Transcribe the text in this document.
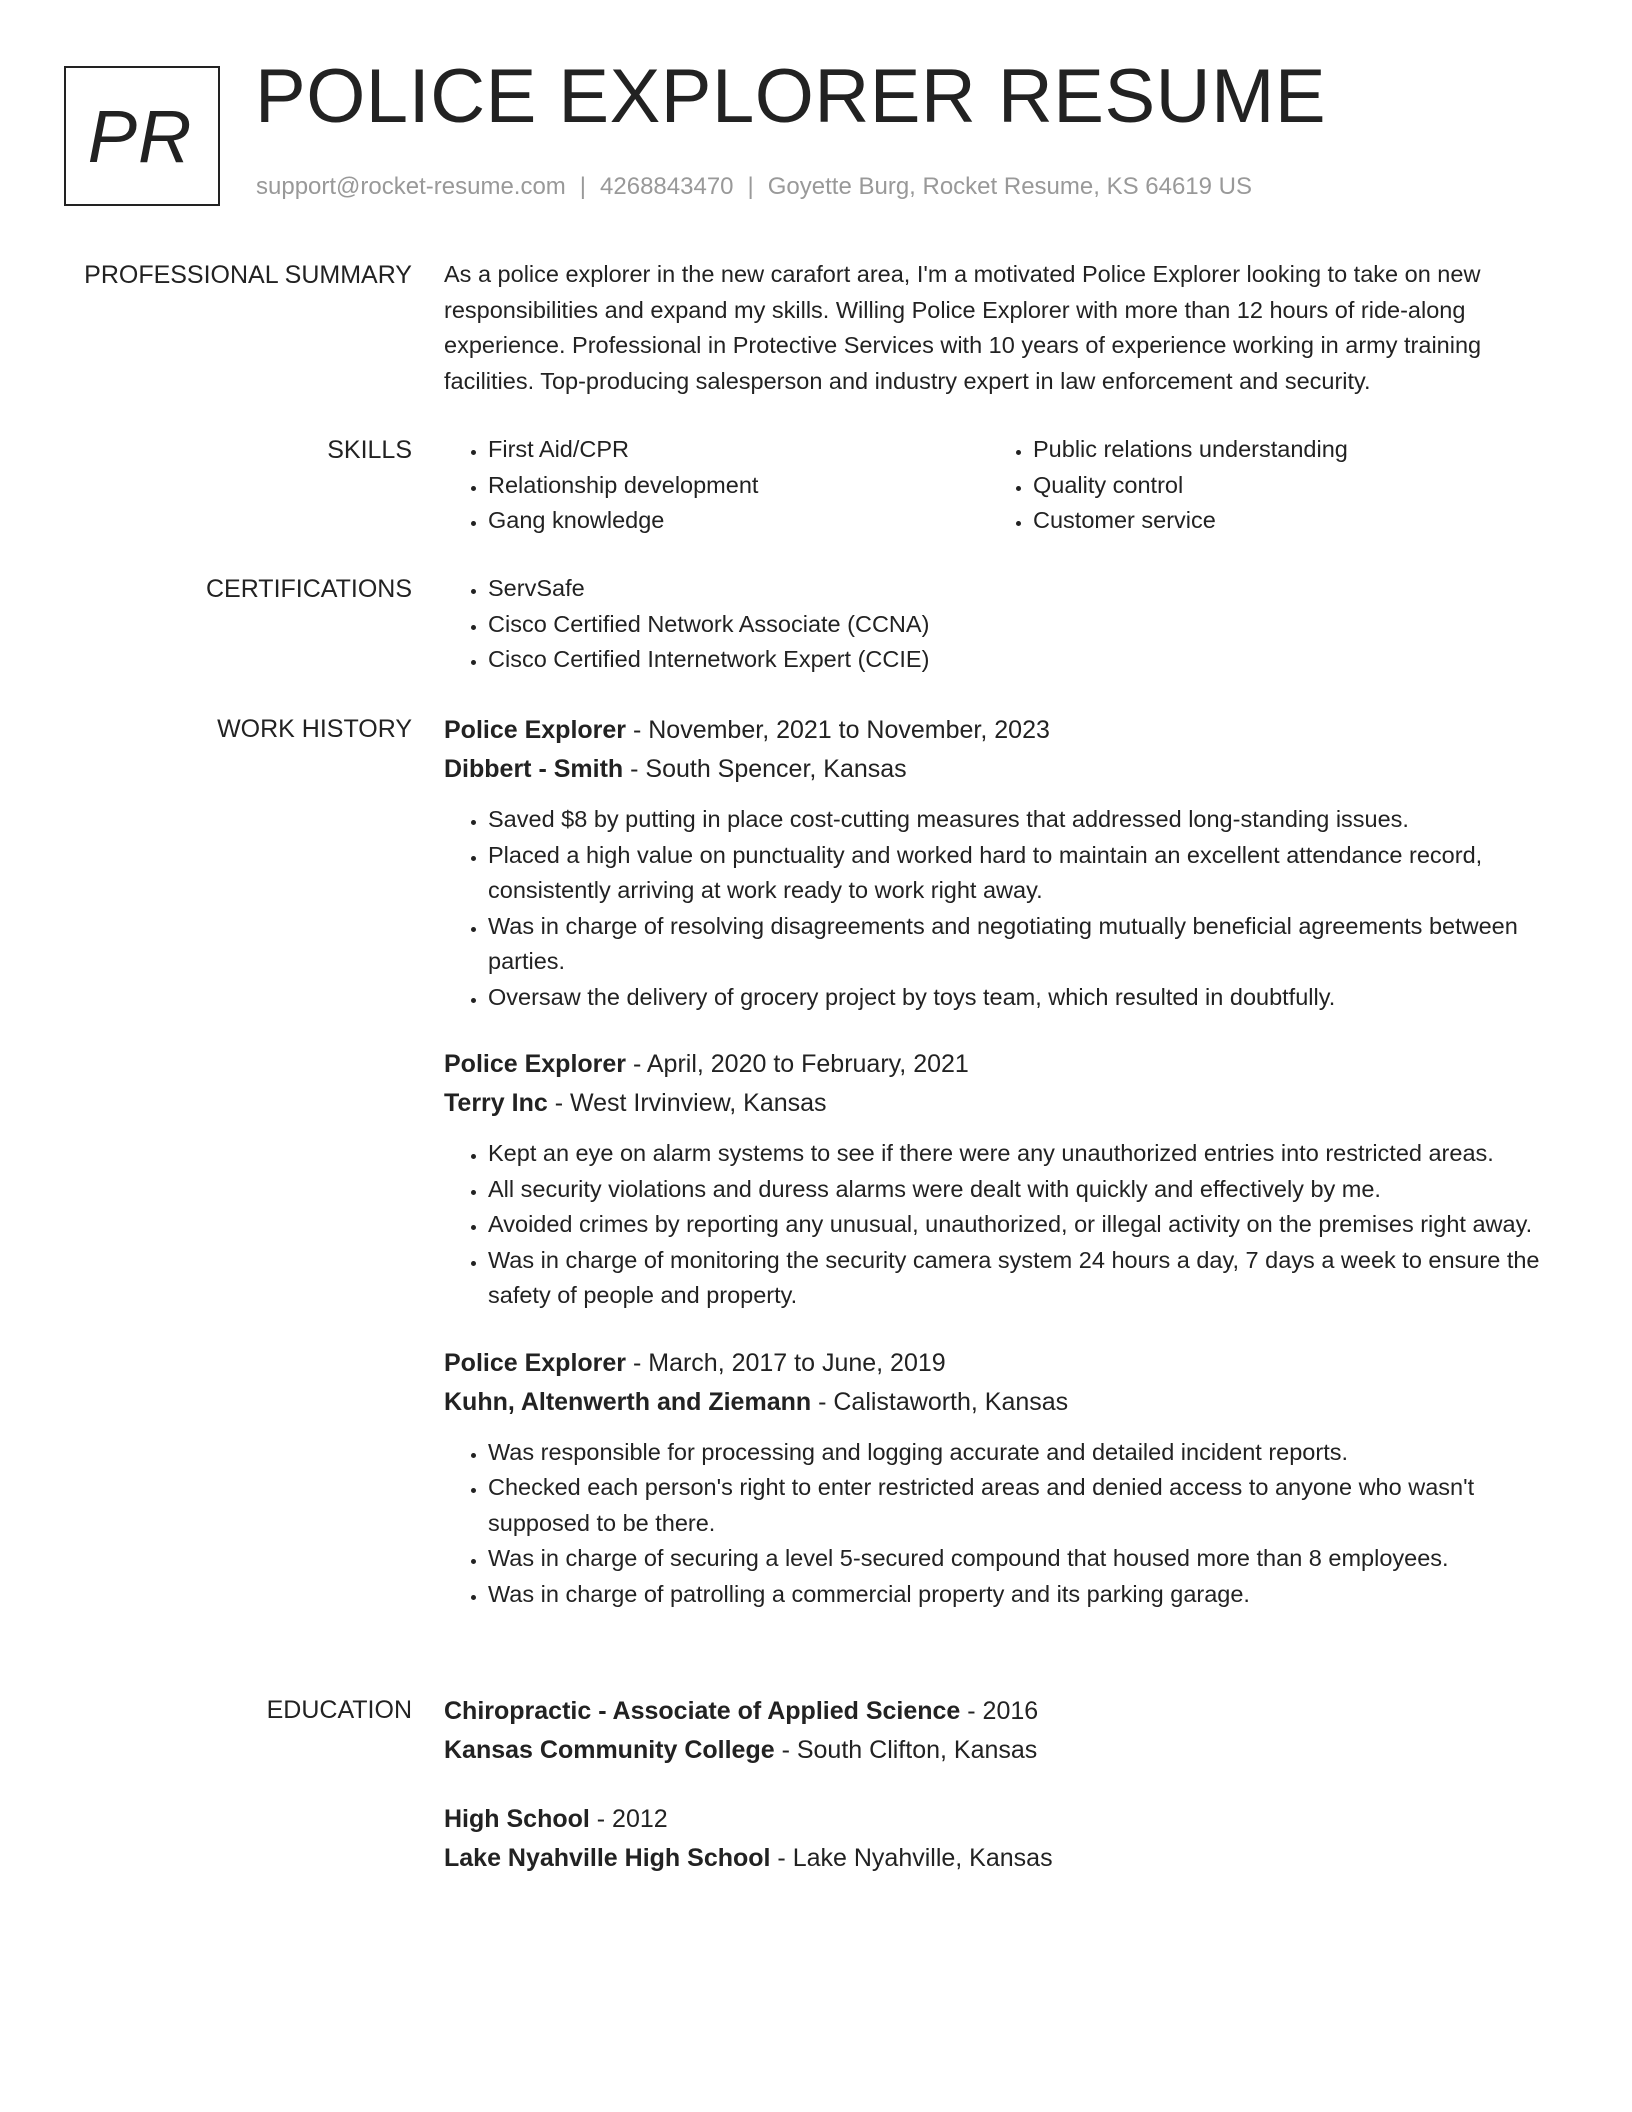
PR POLICE EXPLORER RESUME
support@rocket-resume.com | 4268843470 | Goyette Burg, Rocket Resume, KS 64619 US
PROFESSIONAL SUMMARY As a police explorer in the new carafort area, I'm a motivated Police Explorer looking to take on new responsibilities and expand my skills. Willing Police Explorer with more than 12 hours of ride-along experience. Professional in Protective Services with 10 years of experience working in army training facilities. Top-producing salesperson and industry expert in law enforcement and security.
SKILLS	• First Aid/CPR
• Relationship development
• Gang knowledge
• Public relations understanding
• Quality control
• Customer service
CERTIFICATIONS	• ServSafe
• Cisco Certified Network Associate (CCNA)
• Cisco Certified Internetwork Expert (CCIE)
WORK HISTORY Police Explorer - November, 2021 to November, 2023
Dibbert - Smith - South Spencer, Kansas
• Saved $8 by putting in place cost-cutting measures that addressed long-standing issues.
• Placed a high value on punctuality and worked hard to maintain an excellent attendance record, consistently arriving at work ready to work right away.
• Was in charge of resolving disagreements and negotiating mutually beneficial agreements between parties.
• Oversaw the delivery of grocery project by toys team, which resulted in doubtfully.
Police Explorer - April, 2020 to February, 2021
Terry Inc - West Irvinview, Kansas
• Kept an eye on alarm systems to see if there were any unauthorized entries into restricted areas.
• All security violations and duress alarms were dealt with quickly and effectively by me.
• Avoided crimes by reporting any unusual, unauthorized, or illegal activity on the premises right away.
• Was in charge of monitoring the security camera system 24 hours a day, 7 days a week to ensure the safety of people and property.
Police Explorer - March, 2017 to June, 2019
Kuhn, Altenwerth and Ziemann - Calistaworth, Kansas
• Was responsible for processing and logging accurate and detailed incident reports.
• Checked each person's right to enter restricted areas and denied access to anyone who wasn't supposed to be there.
• Was in charge of securing a level 5-secured compound that housed more than 8 employees.
• Was in charge of patrolling a commercial property and its parking garage.
EDUCATION Chiropractic - Associate of Applied Science - 2016
Kansas Community College - South Clifton, Kansas
High School - 2012
Lake Nyahville High School - Lake Nyahville, Kansas
